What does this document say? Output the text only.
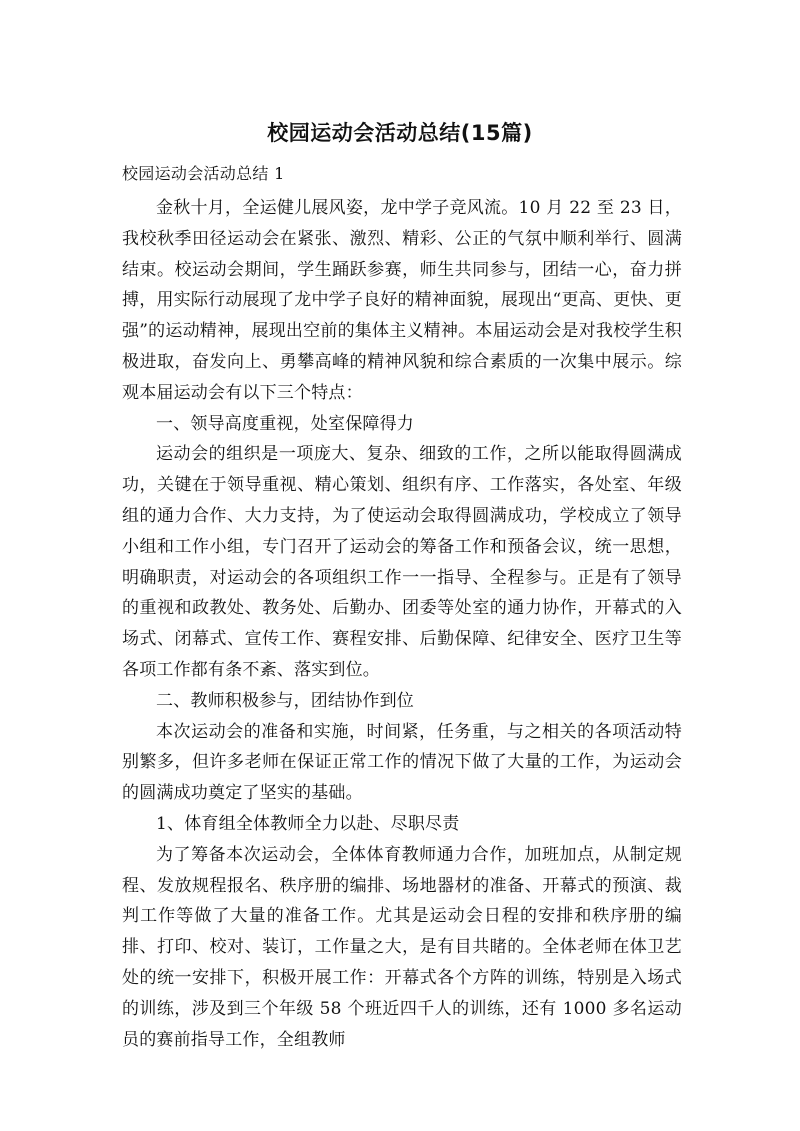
校园运动会活动总结(15篇)
校园运动会活动总结 1

金秋十月，全运健儿展风姿，龙中学子竞风流。10 月 22 至 23 日，我校秋季田径运动会在紧张、激烈、精彩、公正的气氛中顺利举行、圆满结束。校运动会期间，学生踊跃参赛，师生共同参与，团结一心，奋力拼搏，用实际行动展现了龙中学子良好的精神面貌，展现出“更高、更快、更强”的运动精神，展现出空前的集体主义精神。本届运动会是对我校学生积极进取，奋发向上、勇攀高峰的精神风貌和综合素质的一次集中展示。综观本届运动会有以下三个特点：

一、领导高度重视，处室保障得力

运动会的组织是一项庞大、复杂、细致的工作，之所以能取得圆满成功，关键在于领导重视、精心策划、组织有序、工作落实，各处室、年级组的通力合作、大力支持，为了使运动会取得圆满成功，学校成立了领导小组和工作小组，专门召开了运动会的筹备工作和预备会议，统一思想，明确职责，对运动会的各项组织工作一一指导、全程参与。正是有了领导的重视和政教处、教务处、后勤办、团委等处室的通力协作，开幕式的入场式、闭幕式、宣传工作、赛程安排、后勤保障、纪律安全、医疗卫生等各项工作都有条不紊、落实到位。

二、教师积极参与，团结协作到位

本次运动会的准备和实施，时间紧，任务重，与之相关的各项活动特别繁多，但许多老师在保证正常工作的情况下做了大量的工作，为运动会的圆满成功奠定了坚实的基础。

1、体育组全体教师全力以赴、尽职尽责

为了筹备本次运动会，全体体育教师通力合作，加班加点，从制定规程、发放规程报名、秩序册的编排、场地器材的准备、开幕式的预演、裁判工作等做了大量的准备工作。尤其是运动会日程的安排和秩序册的编排、打印、校对、装订，工作量之大，是有目共睹的。全体老师在体卫艺处的统一安排下，积极开展工作：开幕式各个方阵的训练，特别是入场式的训练，涉及到三个年级 58 个班近四千人的训练，还有 1000 多名运动员的赛前指导工作，全组教师
